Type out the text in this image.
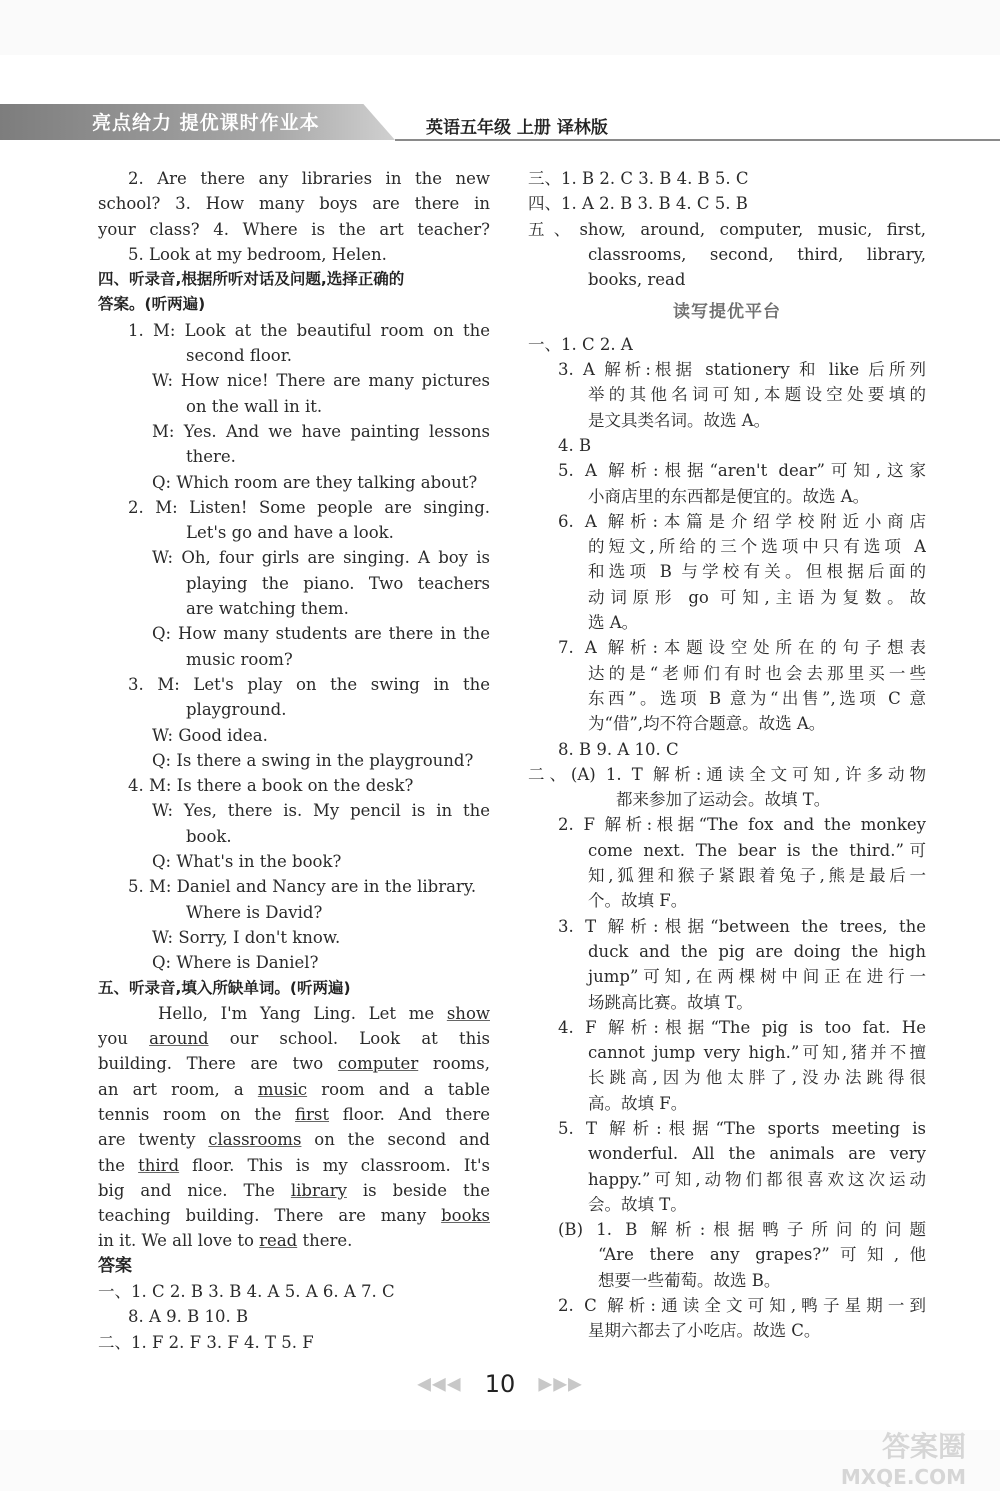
亮点给力 提优课时作业本	英语五年级 上册 译林版
2. Are there any libraries in the new
school? 3. How many boys are there in
your class? 4. Where is the art teacher?
5. Look at my bedroom, Helen.
四、听录音,根据所听对话及问题,选择正确的
答案。(听两遍)
1. M: Look at the beautiful room on the
second floor.
W: How nice! There are many pictures
on the wall in it.
M: Yes. And we have painting lessons
there.
Q: Which room are they talking about?
2. M: Listen! Some people are singing.
Let's go and have a look.
W: Oh, four girls are singing. A boy is
playing the piano. Two teachers
are watching them.
Q: How many students are there in the
music room?
3. M: Let's play on the swing in the
playground.
W: Good idea.
Q: Is there a swing in the playground?
4. M: Is there a book on the desk?
W: Yes, there is. My pencil is in the
book.
Q: What's in the book?
5. M: Daniel and Nancy are in the library.
Where is David?
W: Sorry, I don't know.
Q: Where is Daniel?
五、听录音,填入所缺单词。(听两遍)
Hello, I'm Yang Ling. Let me show
you around our school. Look at this
building. There are two computer rooms,
an art room, a music room and a table
tennis room on the first floor. And there
are twenty classrooms on the second and
the third floor. This is my classroom. It's
big and nice. The library is beside the
teaching building. There are many books
in it. We all love to read there.
答案
一、1. C 2. B 3. B 4. A 5. A 6. A 7. C
8. A 9. B 10. B
二、1. F 2. F 3. F 4. T 5. F
三、1. B 2. C 3. B 4. B 5. C
四、1. A 2. B 3. B 4. C 5. B
五、show, around, computer, music, first,
classrooms, second, third, library,
books, read
读写提优平台
一、1. C 2. A
3. A 解析:根据 stationery 和 like 后所列
举的其他名词可知,本题设空处要填的
是文具类名词。故选 A。
4. B
5. A 解析:根据“aren't dear”可知,这家
小商店里的东西都是便宜的。故选 A。
6. A 解析:本篇是介绍学校附近小商店
的短文,所给的三个选项中只有选项 A
和选项 B 与学校有关。但根据后面的
动词原形 go 可知,主语为复数。故
选 A。
7. A 解析:本题设空处所在的句子想表
达的是“老师们有时也会去那里买一些
东西”。选项 B 意为“出售”,选项 C 意
为“借”,均不符合题意。故选 A。
8. B 9. A 10. C
二、(A) 1. T 解析:通读全文可知,许多动物
都来参加了运动会。故填 T。
2. F 解析:根据“The fox and the monkey
come next. The bear is the third.”可
知,狐狸和猴子紧跟着兔子,熊是最后一
个。故填 F。
3. T 解析:根据“between the trees, the
duck and the pig are doing the high
jump”可知,在两棵树中间正在进行一
场跳高比赛。故填 T。
4. F 解析:根据“The pig is too fat. He
cannot jump very high.”可知,猪并不擅
长跳高,因为他太胖了,没办法跳得很
高。故填 F。
5. T 解析:根据“The sports meeting is
wonderful. All the animals are very
happy.”可知,动物们都很喜欢这次运动
会。故填 T。
(B) 1. B 解析:根据鸭子所问的问题
“Are there any grapes?”可知,他
想要一些葡萄。故选 B。
2. C 解析:通读全文可知,鸭子星期一到
星期六都去了小吃店。故选 C。
◀◀◀ 10 ▶▶▶
答案圈
MXQE.COM
